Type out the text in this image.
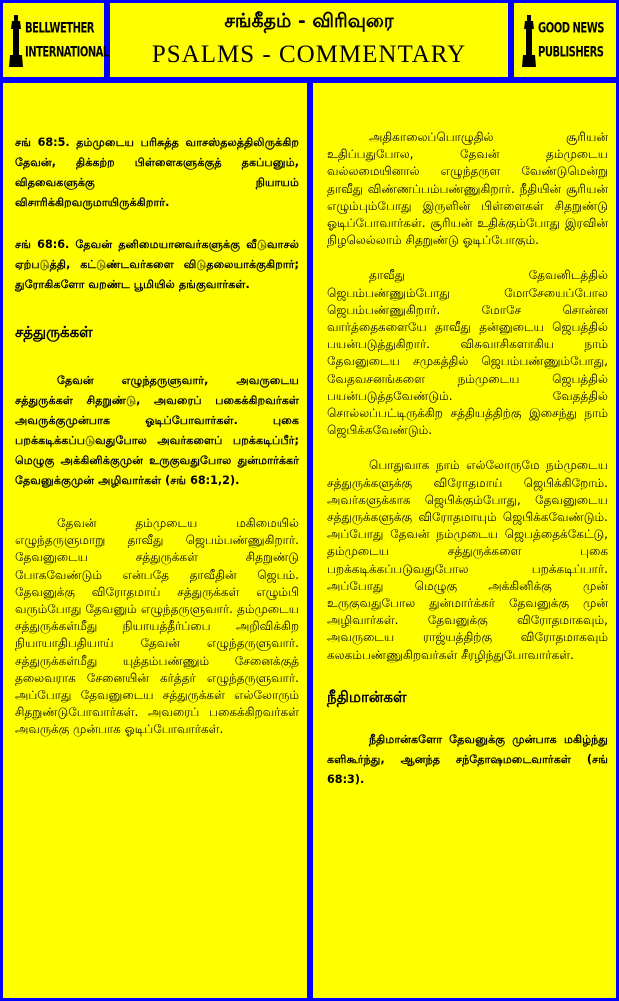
BELLWETHER
INTERNATIONAL
சங்கீதம் - விரிவுரை
PSALMS - COMMENTARY
GOOD NEWS
PUBLISHERS

சங் 68:5. தம்முடைய பரிசுத்த வாசஸ்தலத்திலிருக்கிற தேவன், திக்கற்ற பிள்ளைகளுக்குத் தகப்பனும், விதவைகளுக்கு நியாயம் விசாரிக்கிறவருமாயிருக்கிறார்.

சங் 68:6. தேவன் தனிமையானவர்களுக்கு வீடுவாசல் ஏற்படுத்தி, கட்டுண்டவர்களை விடுதலையாக்குகிறார்; துரோகிகளோ வறண்ட பூமியில் தங்குவார்கள்.

சத்துருக்கள்

தேவன் எழுந்தருளுவார், அவருடைய சத்துருக்கள் சிதறுண்டு, அவரைப் பகைக்கிறவர்கள் அவருக்குமுன்பாக ஓடிப்போவார்கள். புகை பறக்கடிக்கப்படுவதுபோல அவர்களைப் பறக்கடிப்பீர்; மெழுகு அக்கினிக்குமுன் உருகுவதுபோல துன்மார்க்கர் தேவனுக்குமுன் அழிவார்கள் (சங் 68:1,2).

தேவன் தம்முடைய மகிமையில் எழுந்தருளுமாறு தாவீது ஜெபம்பண்ணுகிறார். தேவனுடைய சத்துருக்கள் சிதறுண்டு போகவேண்டும் என்பதே தாவீதின் ஜெபம். தேவனுக்கு விரோதமாய் சத்துருக்கள் எழும்பி வரும்போது தேவனும் எழுந்தருளுவார். தம்முடைய சத்துருக்கள்மீது நியாயத்தீர்ப்பை அறிவிக்கிற நியாயாதிபதியாய் தேவன் எழுந்தருளுவார். சத்துருக்கள்மீது யுத்தம்பண்ணும் சேனைக்குத் தலைவராக சேனையின் கர்த்தர் எழுந்தருளுவார். அப்போது தேவனுடைய சத்துருக்கள் எல்லோரும் சிதறுண்டுபோவார்கள். அவரைப் பகைக்கிறவர்கள் அவருக்கு முன்பாக ஓடிப்போவார்கள்.

அதிகாலைப்பொழுதில் சூரியன் உதிப்பதுபோல, தேவன் தம்முடைய வல்லமையினால் எழுந்தருள வேண்டுமென்று தாவீது விண்ணப்பம்பண்ணுகிறார். நீதியின் சூரியன் எழும்பும்போது இருளின் பிள்ளைகள் சிதறுண்டு ஓடிப்போவார்கள். சூரியன் உதிக்கும்போது இரவின் நிழலெல்லாம் சிதறுண்டு ஓடிப்போகும்.

தாவீது தேவனிடத்தில் ஜெபம்பண்ணும்போது மோசேயைப்போல ஜெபம்பண்ணுகிறார். மோசே சொன்ன வார்த்தைகளையே தாவீது தன்னுடைய ஜெபத்தில் பயன்படுத்துகிறார். விசுவாசிகளாகிய நாம் தேவனுடைய சமுகத்தில் ஜெபம்பண்ணும்போது, வேதவசனங்களை நம்முடைய ஜெபத்தில் பயன்படுத்தவேண்டும். வேதத்தில் சொல்லப்பட்டிருக்கிற சத்தியத்திற்கு இசைந்து நாம் ஜெபிக்கவேண்டும்.

பொதுவாக நாம் எல்லோருமே நம்முடைய சத்துருக்களுக்கு விரோதமாய் ஜெபிக்கிறோம். அவர்களுக்காக ஜெபிக்கும்போது, தேவனுடைய சத்துருக்களுக்கு விரோதமாயும் ஜெபிக்கவேண்டும். அப்போது தேவன் நம்முடைய ஜெபத்தைக்கேட்டு, தம்முடைய சத்துருக்களை புகை பறக்கடிக்கப்படுவதுபோல பறக்கடிப்பார். அப்போது மெழுகு அக்கினிக்கு முன் உருகுவதுபோல துன்மார்க்கர் தேவனுக்கு முன் அழிவார்கள். தேவனுக்கு விரோதமாகவும், அவருடைய ராஜ்யத்திற்கு விரோதமாகவும் கலகம்பண்ணுகிறவர்கள் சீரழிந்துபோவார்கள்.

நீதிமான்கள்

நீதிமான்களோ தேவனுக்கு முன்பாக மகிழ்ந்து களிகூர்ந்து, ஆனந்த சந்தோஷமடைவார்கள் (சங் 68:3).
